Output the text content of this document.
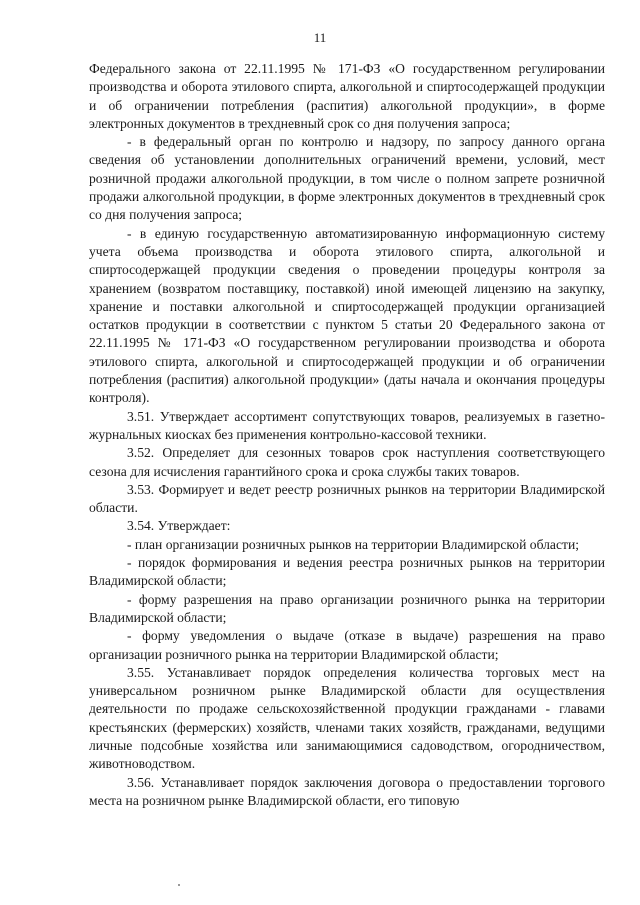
11

Федерального закона от 22.11.1995 № 171-ФЗ «О государственном регулировании производства и оборота этилового спирта, алкогольной и спиртосодержащей продукции и об ограничении потребления (распития) алкогольной продукции», в форме электронных документов в трехдневный срок со дня получения запроса;

- в федеральный орган по контролю и надзору, по запросу данного органа сведения об установлении дополнительных ограничений времени, условий, мест розничной продажи алкогольной продукции, в том числе о полном запрете розничной продажи алкогольной продукции, в форме электронных документов в трехдневный срок со дня получения запроса;

- в единую государственную автоматизированную информационную систему учета объема производства и оборота этилового спирта, алкогольной и спиртосодержащей продукции сведения о проведении процедуры контроля за хранением (возвратом поставщику, поставкой) иной имеющей лицензию на закупку, хранение и поставки алкогольной и спиртосодержащей продукции организацией остатков продукции в соответствии с пунктом 5 статьи 20 Федерального закона от 22.11.1995 № 171-ФЗ «О государственном регулировании производства и оборота этилового спирта, алкогольной и спиртосодержащей продукции и об ограничении потребления (распития) алкогольной продукции» (даты начала и окончания процедуры контроля).

3.51. Утверждает ассортимент сопутствующих товаров, реализуемых в газетно-журнальных киосках без применения контрольно-кассовой техники.

3.52. Определяет для сезонных товаров срок наступления соответствующего сезона для исчисления гарантийного срока и срока службы таких товаров.

3.53. Формирует и ведет реестр розничных рынков на территории Владимирской области.

3.54. Утверждает:

- план организации розничных рынков на территории Владимирской области;

- порядок формирования и ведения реестра розничных рынков на территории Владимирской области;

- форму разрешения на право организации розничного рынка на территории Владимирской области;

- форму уведомления о выдаче (отказе в выдаче) разрешения на право организации розничного рынка на территории Владимирской области;

3.55. Устанавливает порядок определения количества торговых мест на универсальном розничном рынке Владимирской области для осуществления деятельности по продаже сельскохозяйственной продукции гражданами - главами крестьянских (фермерских) хозяйств, членами таких хозяйств, гражданами, ведущими личные подсобные хозяйства или занимающимися садоводством, огородничеством, животноводством.

3.56. Устанавливает порядок заключения договора о предоставлении торгового места на розничном рынке Владимирской области, его типовую
